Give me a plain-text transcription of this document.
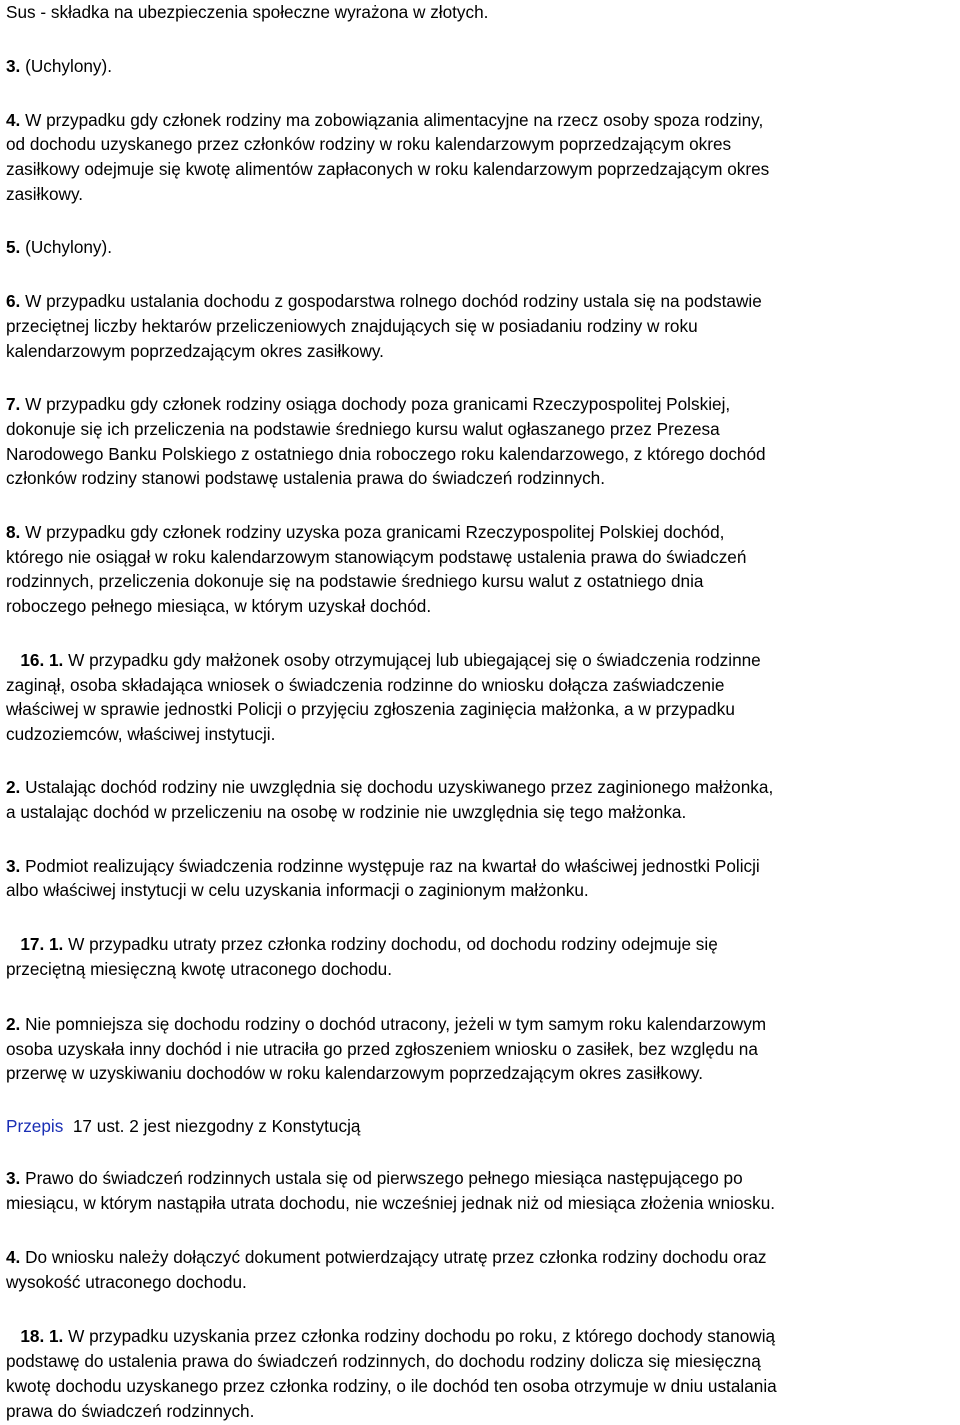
Sus - składka na ubezpieczenia społeczne wyrażona w złotych.
3. (Uchylony).
4. W przypadku gdy członek rodziny ma zobowiązania alimentacyjne na rzecz osoby spoza rodziny,
od dochodu uzyskanego przez członków rodziny w roku kalendarzowym poprzedzającym okres
zasiłkowy odejmuje się kwotę alimentów zapłaconych w roku kalendarzowym poprzedzającym okres
zasiłkowy.
5. (Uchylony).
6. W przypadku ustalania dochodu z gospodarstwa rolnego dochód rodziny ustala się na podstawie
przeciętnej liczby hektarów przeliczeniowych znajdujących się w posiadaniu rodziny w roku
kalendarzowym poprzedzającym okres zasiłkowy.
7. W przypadku gdy członek rodziny osiąga dochody poza granicami Rzeczypospolitej Polskiej,
dokonuje się ich przeliczenia na podstawie średniego kursu walut ogłaszanego przez Prezesa
Narodowego Banku Polskiego z ostatniego dnia roboczego roku kalendarzowego, z którego dochód
członków rodziny stanowi podstawę ustalenia prawa do świadczeń rodzinnych.
8. W przypadku gdy członek rodziny uzyska poza granicami Rzeczypospolitej Polskiej dochód,
którego nie osiągał w roku kalendarzowym stanowiącym podstawę ustalenia prawa do świadczeń
rodzinnych, przeliczenia dokonuje się na podstawie średniego kursu walut z ostatniego dnia
roboczego pełnego miesiąca, w którym uzyskał dochód.
16. 1. W przypadku gdy małżonek osoby otrzymującej lub ubiegającej się o świadczenia rodzinne
zaginął, osoba składająca wniosek o świadczenia rodzinne do wniosku dołącza zaświadczenie
właściwej w sprawie jednostki Policji o przyjęciu zgłoszenia zaginięcia małżonka, a w przypadku
cudzoziemców, właściwej instytucji.
2. Ustalając dochód rodziny nie uwzględnia się dochodu uzyskiwanego przez zaginionego małżonka,
a ustalając dochód w przeliczeniu na osobę w rodzinie nie uwzględnia się tego małżonka.
3. Podmiot realizujący świadczenia rodzinne występuje raz na kwartał do właściwej jednostki Policji
albo właściwej instytucji w celu uzyskania informacji o zaginionym małżonku.
17. 1. W przypadku utraty przez członka rodziny dochodu, od dochodu rodziny odejmuje się
przeciętną miesięczną kwotę utraconego dochodu.
2. Nie pomniejsza się dochodu rodziny o dochód utracony, jeżeli w tym samym roku kalendarzowym
osoba uzyskała inny dochód i nie utraciła go przed zgłoszeniem wniosku o zasiłek, bez względu na
przerwę w uzyskiwaniu dochodów w roku kalendarzowym poprzedzającym okres zasiłkowy.
3. Prawo do świadczeń rodzinnych ustala się od pierwszego pełnego miesiąca następującego po
miesiącu, w którym nastąpiła utrata dochodu, nie wcześniej jednak niż od miesiąca złożenia wniosku.
4. Do wniosku należy dołączyć dokument potwierdzający utratę przez członka rodziny dochodu oraz
wysokość utraconego dochodu.
18. 1. W przypadku uzyskania przez członka rodziny dochodu po roku, z którego dochody stanowią
podstawę do ustalenia prawa do świadczeń rodzinnych, do dochodu rodziny dolicza się miesięczną
kwotę dochodu uzyskanego przez członka rodziny, o ile dochód ten osoba otrzymuje w dniu ustalania
prawa do świadczeń rodzinnych.
Przepis  17 ust. 2 jest niezgodny z Konstytucją
